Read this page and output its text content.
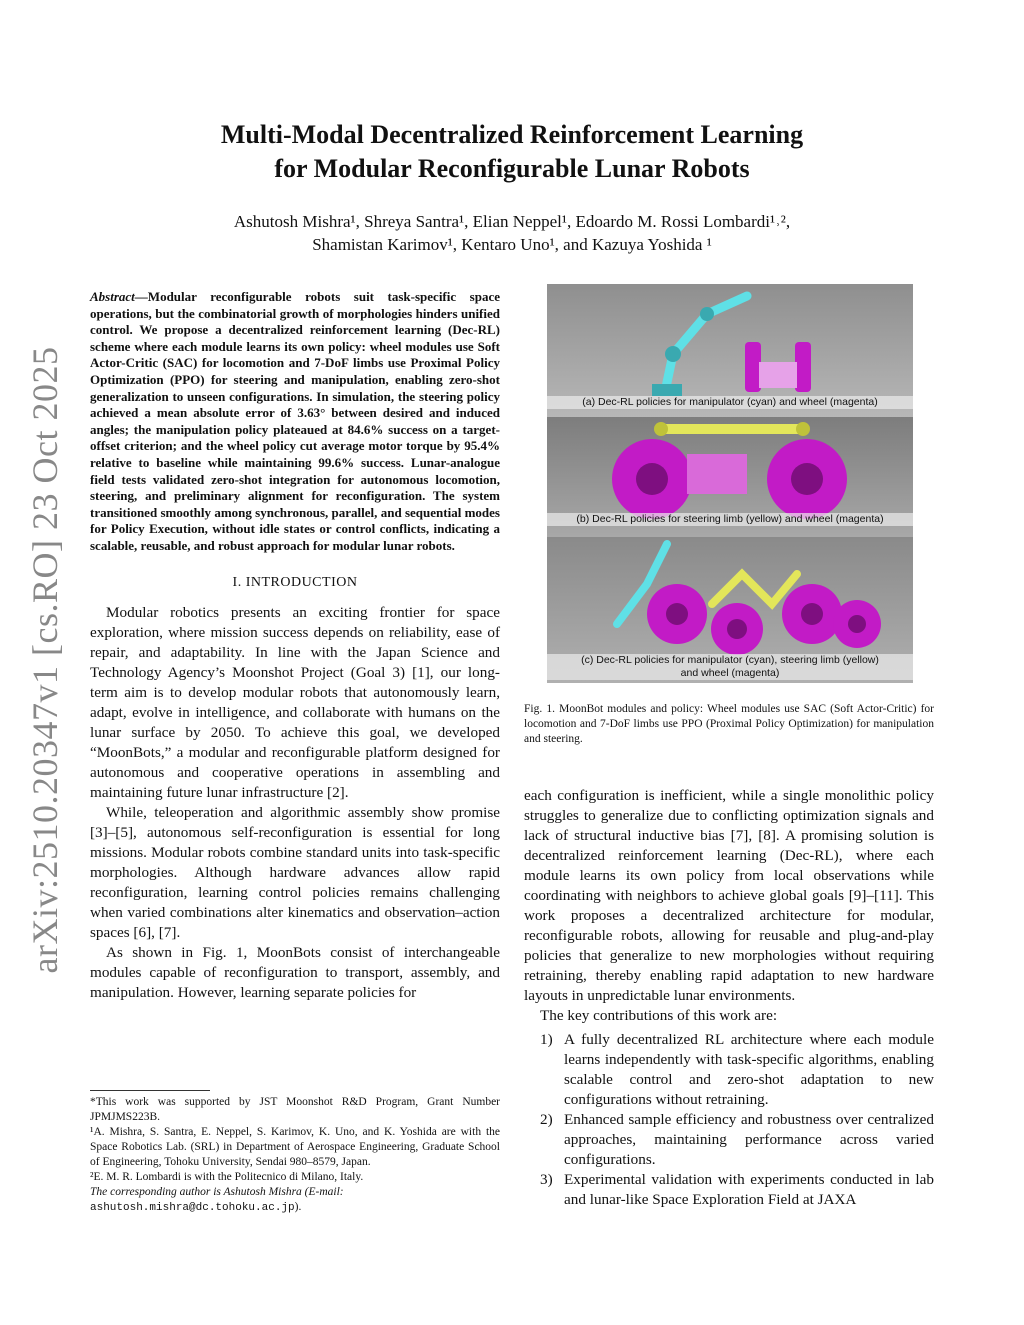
arXiv:2510.20347v1 [cs.RO] 23 Oct 2025
Multi-Modal Decentralized Reinforcement Learning
for Modular Reconfigurable Lunar Robots
Ashutosh Mishra¹, Shreya Santra¹, Elian Neppel¹, Edoardo M. Rossi Lombardi¹˒²,
Shamistan Karimov¹, Kentaro Uno¹, and Kazuya Yoshida ¹
Abstract—Modular reconfigurable robots suit task-specific space operations, but the combinatorial growth of morphologies hinders unified control. We propose a decentralized reinforcement learning (Dec-RL) scheme where each module learns its own policy: wheel modules use Soft Actor-Critic (SAC) for locomotion and 7-DoF limbs use Proximal Policy Optimization (PPO) for steering and manipulation, enabling zero-shot generalization to unseen configurations. In simulation, the steering policy achieved a mean absolute error of 3.63° between desired and induced angles; the manipulation policy plateaued at 84.6% success on a target-offset criterion; and the wheel policy cut average motor torque by 95.4% relative to baseline while maintaining 99.6% success. Lunar-analogue field tests validated zero-shot integration for autonomous locomotion, steering, and preliminary alignment for reconfiguration. The system transitioned smoothly among synchronous, parallel, and sequential modes for Policy Execution, without idle states or control conflicts, indicating a scalable, reusable, and robust approach for modular lunar robots.
I. INTRODUCTION

Modular robotics presents an exciting frontier for space exploration, where mission success depends on reliability, ease of repair, and adaptability. In line with the Japan Science and Technology Agency’s Moonshot Project (Goal 3) [1], our long-term aim is to develop modular robots that autonomously learn, adapt, evolve in intelligence, and collaborate with humans on the lunar surface by 2050. To achieve this goal, we developed “MoonBots,” a modular and reconfigurable platform designed for autonomous and cooperative operations in assembling and maintaining future lunar infrastructure [2].

While, teleoperation and algorithmic assembly show promise [3]–[5], autonomous self-reconfiguration is essential for long missions. Modular robots combine standard units into task-specific morphologies. Although hardware advances allow rapid reconfiguration, learning control policies remains challenging when varied combinations alter kinematics and observation–action spaces [6], [7].

As shown in Fig. 1, MoonBots consist of interchangeable modules capable of reconfiguration to transport, assembly, and manipulation. However, learning separate policies for

*This work was supported by JST Moonshot R&D Program, Grant Number JPMJMS223B.
¹A. Mishra, S. Santra, E. Neppel, S. Karimov, K. Uno, and K. Yoshida are with the Space Robotics Lab. (SRL) in Department of Aerospace Engineering, Graduate School of Engineering, Tohoku University, Sendai 980–8579, Japan.
²E. M. R. Lombardi is with the Politecnico di Milano, Italy.
The corresponding author is Ashutosh Mishra (E-mail:
ashutosh.mishra@dc.tohoku.ac.jp).
(a) Dec-RL policies for manipulator (cyan) and wheel (magenta)
(b) Dec-RL policies for steering limb (yellow) and wheel (magenta)
(c) Dec-RL policies for manipulator (cyan), steering limb (yellow)
and wheel (magenta)
Fig. 1. MoonBot modules and policy: Wheel modules use SAC (Soft Actor-Critic) for locomotion and 7-DoF limbs use PPO (Proximal Policy Optimization) for manipulation and steering.

each configuration is inefficient, while a single monolithic policy struggles to generalize due to conflicting optimization signals and lack of structural inductive bias [7], [8]. A promising solution is decentralized reinforcement learning (Dec-RL), where each module learns its own policy from local observations while coordinating with neighbors to achieve global goals [9]–[11]. This work proposes a decentralized architecture for modular, reconfigurable robots, allowing for reusable and plug-and-play policies that generalize to new morphologies without requiring retraining, thereby enabling rapid adaptation to new hardware layouts in unpredictable lunar environments.

The key contributions of this work are:

1) A fully decentralized RL architecture where each module learns independently with task-specific algorithms, enabling scalable control and zero-shot adaptation to new configurations without retraining.
2) Enhanced sample efficiency and robustness over centralized approaches, maintaining performance across varied configurations.
3) Experimental validation with experiments conducted in lab and lunar-like Space Exploration Field at JAXA
